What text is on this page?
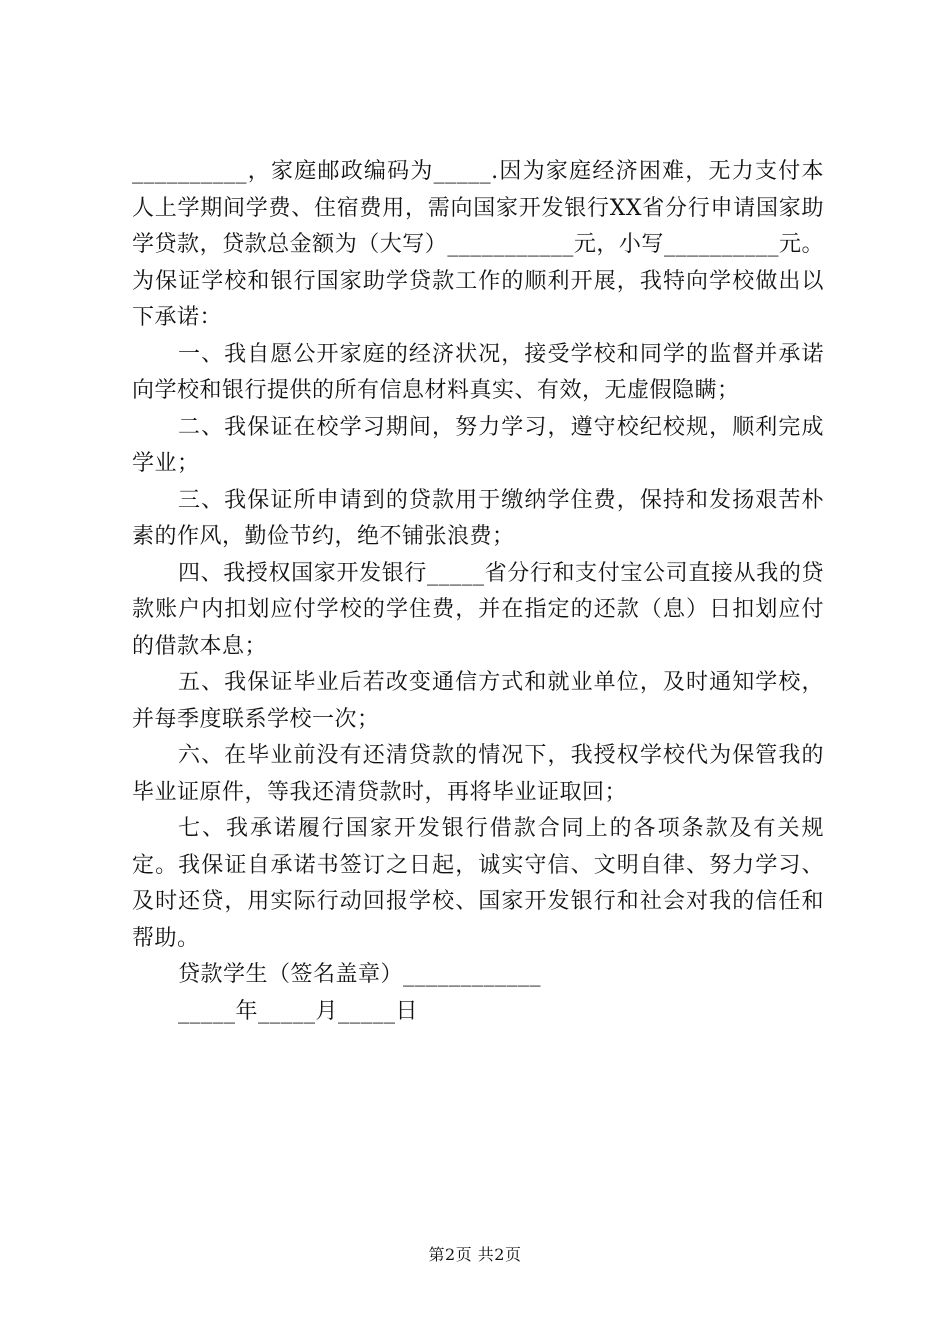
__________，家庭邮政编码为_____.因为家庭经济困难，无力支付本人上学期间学费、住宿费用，需向国家开发银行XX省分行申请国家助学贷款，贷款总金额为（大写）___________元，小写__________元。为保证学校和银行国家助学贷款工作的顺利开展，我特向学校做出以下承诺：

一、我自愿公开家庭的经济状况，接受学校和同学的监督并承诺向学校和银行提供的所有信息材料真实、有效，无虚假隐瞒；

二、我保证在校学习期间，努力学习，遵守校纪校规，顺利完成学业；

三、我保证所申请到的贷款用于缴纳学住费，保持和发扬艰苦朴素的作风，勤俭节约，绝不铺张浪费；

四、我授权国家开发银行_____省分行和支付宝公司直接从我的贷款账户内扣划应付学校的学住费，并在指定的还款（息）日扣划应付的借款本息；

五、我保证毕业后若改变通信方式和就业单位，及时通知学校，并每季度联系学校一次；

六、在毕业前没有还清贷款的情况下，我授权学校代为保管我的毕业证原件，等我还清贷款时，再将毕业证取回；

七、我承诺履行国家开发银行借款合同上的各项条款及有关规定。我保证自承诺书签订之日起，诚实守信、文明自律、努力学习、及时还贷，用实际行动回报学校、国家开发银行和社会对我的信任和帮助。

贷款学生（签名盖章）____________

_____年_____月_____日

第2页 共2页
